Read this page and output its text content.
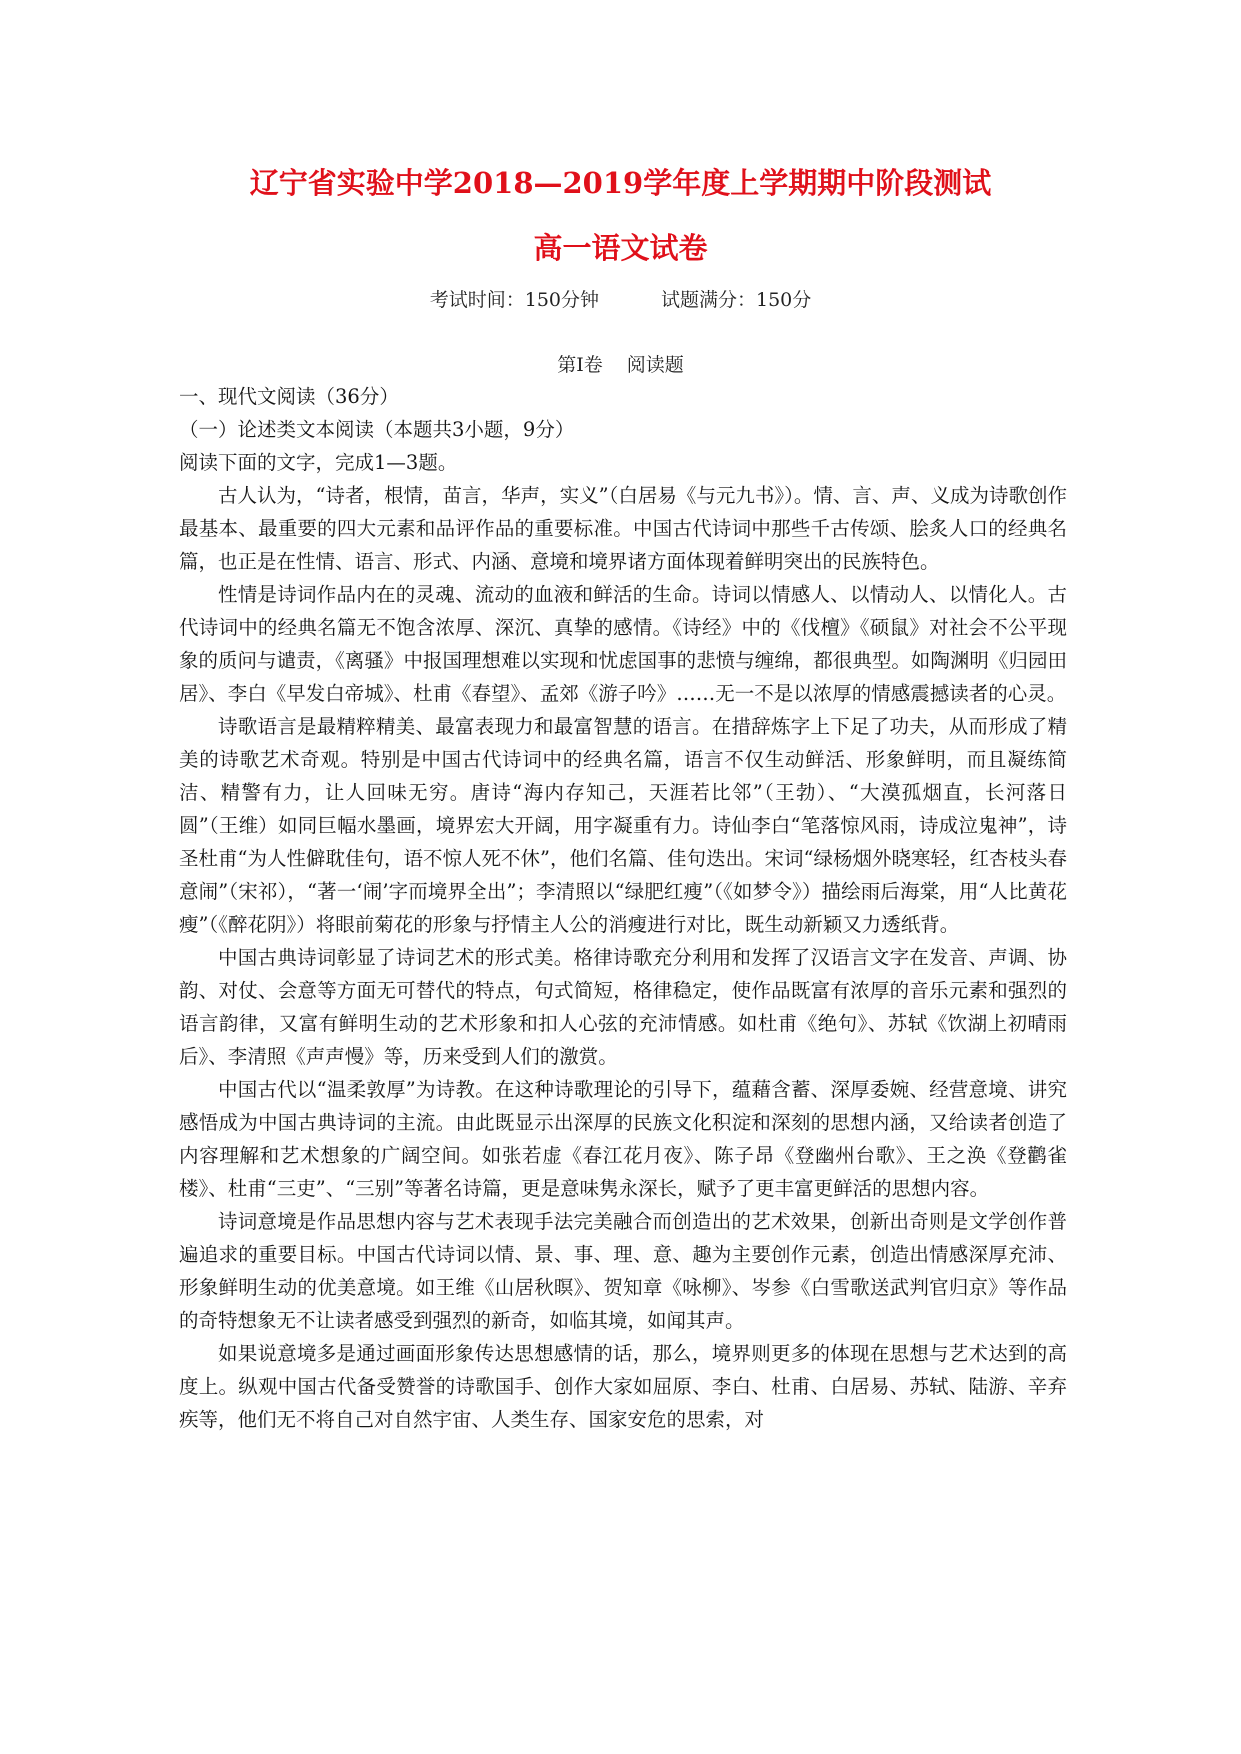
辽宁省实验中学2018—2019学年度上学期期中阶段测试
高一语文试卷
考试时间：150分钟	试题满分：150分
第Ⅰ卷 阅读题

一、现代文阅读（36分）

（一）论述类文本阅读（本题共3小题，9分）

阅读下面的文字，完成1—3题。

古人认为，“诗者，根情，苗言，华声，实义”（白居易《与元九书》）。情、言、声、义成为诗歌创作最基本、最重要的四大元素和品评作品的重要标准。中国古代诗词中那些千古传颂、脍炙人口的经典名篇，也正是在性情、语言、形式、内涵、意境和境界诸方面体现着鲜明突出的民族特色。

性情是诗词作品内在的灵魂、流动的血液和鲜活的生命。诗词以情感人、以情动人、以情化人。古代诗词中的经典名篇无不饱含浓厚、深沉、真挚的感情。《诗经》中的《伐檀》《硕鼠》对社会不公平现象的质问与谴责，《离骚》中报国理想难以实现和忧虑国事的悲愤与缠绵，都很典型。如陶渊明《归园田居》、李白《早发白帝城》、杜甫《春望》、孟郊《游子吟》……无一不是以浓厚的情感震撼读者的心灵。

诗歌语言是最精粹精美、最富表现力和最富智慧的语言。在措辞炼字上下足了功夫，从而形成了精美的诗歌艺术奇观。特别是中国古代诗词中的经典名篇，语言不仅生动鲜活、形象鲜明，而且凝练简洁、精警有力，让人回味无穷。唐诗“海内存知己，天涯若比邻”（王勃）、“大漠孤烟直，长河落日圆”（王维）如同巨幅水墨画，境界宏大开阔，用字凝重有力。诗仙李白“笔落惊风雨，诗成泣鬼神”，诗圣杜甫“为人性僻耽佳句，语不惊人死不休”，他们名篇、佳句迭出。宋词“绿杨烟外晓寒轻，红杏枝头春意闹”（宋祁），“著一‘闹’字而境界全出”；李清照以“绿肥红瘦”（《如梦令》）描绘雨后海棠，用“人比黄花瘦”（《醉花阴》）将眼前菊花的形象与抒情主人公的消瘦进行对比，既生动新颖又力透纸背。

中国古典诗词彰显了诗词艺术的形式美。格律诗歌充分利用和发挥了汉语言文字在发音、声调、协韵、对仗、会意等方面无可替代的特点，句式简短，格律稳定，使作品既富有浓厚的音乐元素和强烈的语言韵律，又富有鲜明生动的艺术形象和扣人心弦的充沛情感。如杜甫《绝句》、苏轼《饮湖上初晴雨后》、李清照《声声慢》等，历来受到人们的激赏。

中国古代以“温柔敦厚”为诗教。在这种诗歌理论的引导下，蕴藉含蓄、深厚委婉、经营意境、讲究感悟成为中国古典诗词的主流。由此既显示出深厚的民族文化积淀和深刻的思想内涵，又给读者创造了内容理解和艺术想象的广阔空间。如张若虚《春江花月夜》、陈子昂《登幽州台歌》、王之涣《登鹳雀楼》、杜甫“三吏”、“三别”等著名诗篇，更是意味隽永深长，赋予了更丰富更鲜活的思想内容。

诗词意境是作品思想内容与艺术表现手法完美融合而创造出的艺术效果，创新出奇则是文学创作普遍追求的重要目标。中国古代诗词以情、景、事、理、意、趣为主要创作元素，创造出情感深厚充沛、形象鲜明生动的优美意境。如王维《山居秋暝》、贺知章《咏柳》、岑参《白雪歌送武判官归京》等作品的奇特想象无不让读者感受到强烈的新奇，如临其境，如闻其声。

如果说意境多是通过画面形象传达思想感情的话，那么，境界则更多的体现在思想与艺术达到的高度上。纵观中国古代备受赞誉的诗歌国手、创作大家如屈原、李白、杜甫、白居易、苏轼、陆游、辛弃疾等，他们无不将自己对自然宇宙、人类生存、国家安危的思索，对
